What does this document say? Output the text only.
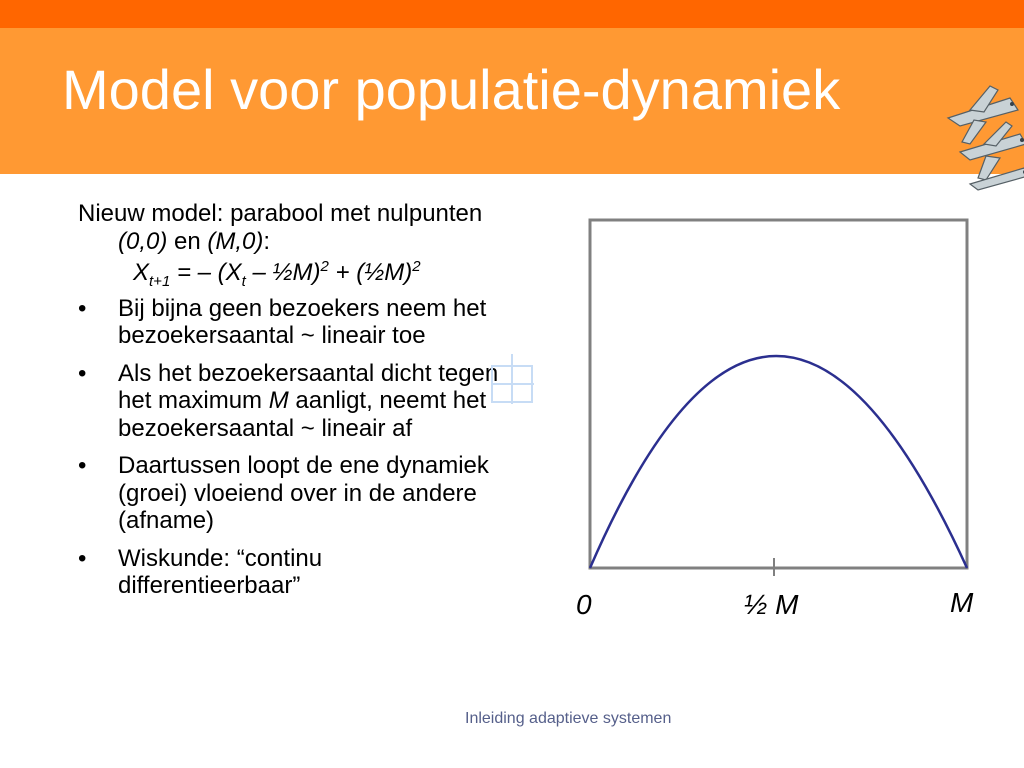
Model voor populatie-dynamiek

Nieuw model: parabool met nulpunten (0,0) en (M,0):

$X_{t+1}$ = – ($X_t$ – ½M)$^2$ + (½M)$^2$

• Bij bijna geen bezoekers neem het bezoekersaantal ~ lineair toe
• Als het bezoekersaantal dicht tegen het maximum M aanligt, neemt het bezoekersaantal ~ lineair af
• Daartussen loopt de ene dynamiek (groei) vloeiend over in de andere (afname)
• Wiskunde: “continu differentieerbaar”
0	½ M	M
Inleiding adaptieve systemen
